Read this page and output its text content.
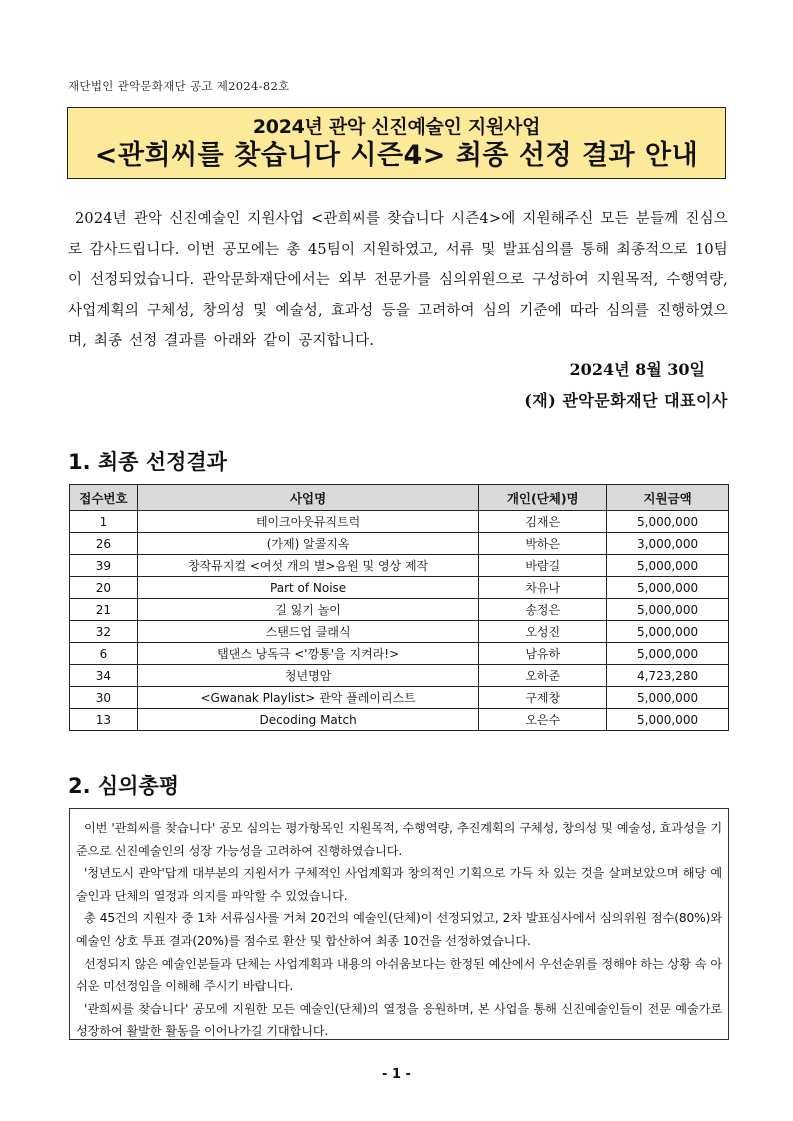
재단법인 관악문화재단 공고 제2024-82호
2024년 관악 신진예술인 지원사업
<관희씨를 찾습니다 시즌4> 최종 선정 결과 안내
2024년 관악 신진예술인 지원사업 <관희씨를 찾습니다 시즌4>에 지원해주신 모든 분들께 진심으로 감사드립니다. 이번 공모에는 총 45팀이 지원하였고, 서류 및 발표심의를 통해 최종적으로 10팀이 선정되었습니다. 관악문화재단에서는 외부 전문가를 심의위원으로 구성하여 지원목적, 수행역량, 사업계획의 구체성, 창의성 및 예술성, 효과성 등을 고려하여 심의 기준에 따라 심의를 진행하였으며, 최종 선정 결과를 아래와 같이 공지합니다.
2024년 8월 30일
(재) 관악문화재단 대표이사
1. 최종 선정결과
접수번호	사업명	개인(단체)명	지원금액
1	테이크아웃뮤직트럭	김재은	5,000,000
26	(가제) 알콜지옥	박하은	3,000,000
39	창작뮤지컬 <여섯 개의 별>음원 및 영상 제작	바람길	5,000,000
20	Part of Noise	차유나	5,000,000
21	길 잃기 놀이	송정은	5,000,000
32	스탠드업 클래식	오성진	5,000,000
6	탭댄스 낭독극 <'깡통'을 지켜라!>	남유하	5,000,000
34	청년명암	오하준	4,723,280
30	<Gwanak Playlist> 관악 플레이리스트	구제창	5,000,000
13	Decoding Match	오은수	5,000,000
2. 심의총평

이번 '관희씨를 찾습니다' 공모 심의는 평가항목인 지원목적, 수행역량, 추진계획의 구체성, 창의성 및 예술성, 효과성을 기준으로 신진예술인의 성장 가능성을 고려하여 진행하였습니다.

'청년도시 관악'답게 대부분의 지원서가 구체적인 사업계획과 창의적인 기획으로 가득 차 있는 것을 살펴보았으며 해당 예술인과 단체의 열정과 의지를 파악할 수 있었습니다.

총 45건의 지원자 중 1차 서류심사를 거쳐 20건의 예술인(단체)이 선정되었고, 2차 발표심사에서 심의위원 점수(80%)와 예술인 상호 투표 결과(20%)를 점수로 환산 및 합산하여 최종 10건을 선정하였습니다.

선정되지 않은 예술인분들과 단체는 사업계획과 내용의 아쉬움보다는 한정된 예산에서 우선순위를 정해야 하는 상황 속 아쉬운 미선정임을 이해해 주시기 바랍니다.

'관희씨를 찾습니다' 공모에 지원한 모든 예술인(단체)의 열정을 응원하며, 본 사업을 통해 신진예술인들이 전문 예술가로 성장하여 활발한 활동을 이어나가길 기대합니다.

- 1 -
